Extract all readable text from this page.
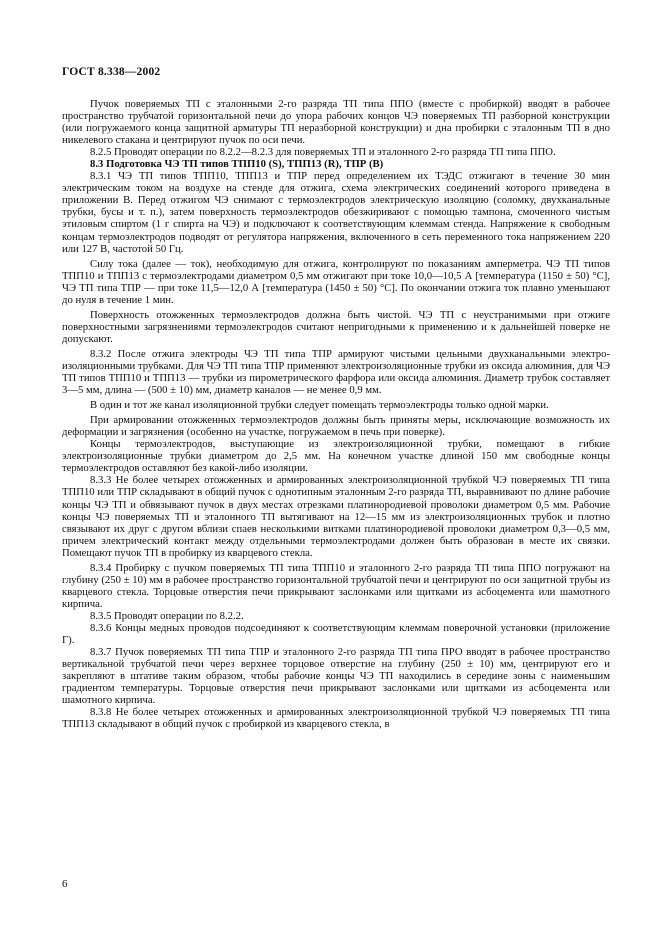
ГОСТ 8.338—2002

Пучок поверяемых ТП с эталонными 2-го разряда ТП типа ППО (вместе с пробиркой) вводят в рабочее пространство трубчатой горизонтальной печи до упора рабочих концов ЧЭ поверяемых ТП разборной конструкции (или погружаемого конца защитной арматуры ТП неразборной конструкции) и дна пробирки с эталонным ТП в дно никелевого стакана и центрируют пучок по оси печи.

8.2.5 Проводят операции по 8.2.2—8.2.3 для поверяемых ТП и эталонного 2-го разряда ТП типа ППО.

8.3 Подготовка ЧЭ ТП типов ТПП10 (S), ТПП13 (R), ТПР (B)

8.3.1 ЧЭ ТП типов ТПП10, ТПП13 и ТПР перед определением их ТЭДС отжигают в течение 30 мин электрическим током на воздухе на стенде для отжига, схема электрических соединений которого приведена в приложении В. Перед отжигом ЧЭ снимают с термоэлектродов электрическую изоляцию (соломку, двухканальные трубки, бусы и т. п.), затем поверхность термоэлектродов обезжиривают с помощью тампона, смоченного чистым этиловым спиртом (1 г спирта на ЧЭ) и подключают к соответствующим клеммам стенда. Напряжение к свободным концам термоэлектродов подводят от регулятора напряжения, включенного в сеть переменного тока напряжением 220 или 127 В, частотой 50 Гц.

Силу тока (далее — ток), необходимую для отжига, контролируют по показаниям амперметра. ЧЭ ТП типов ТПП10 и ТПП13 с термоэлектродами диаметром 0,5 мм отжигают при токе 10,0—10,5 А [температура (1150 ± 50) °С], ЧЭ ТП типа ТПР — при токе 11,5—12,0 А [температура (1450 ± 50) °С]. По окончании отжига ток плавно уменьшают до нуля в течение 1 мин.

Поверхность отожженных термоэлектродов должна быть чистой. ЧЭ ТП с неустранимыми при отжиге поверхностными загрязнениями термоэлектродов считают непригодными к применению и к дальнейшей поверке не допускают.

8.3.2 После отжига электроды ЧЭ ТП типа ТПР армируют чистыми цельными двухканальными электроизоляционными трубками. Для ЧЭ ТП типа ТПР применяют электроизоляционные трубки из оксида алюминия, для ЧЭ ТП типов ТПП10 и ТПП13 — трубки из пирометрического фарфора или оксида алюминия. Диаметр трубок составляет 3—5 мм, длина — (500 ± 10) мм, диаметр каналов — не менее 0,9 мм.

В один и тот же канал изоляционной трубки следует помещать термоэлектроды только одной марки.

При армировании отожженных термоэлектродов должны быть приняты меры, исключающие возможность их деформации и загрязнения (особенно на участке, погружаемом в печь при поверке).

Концы термоэлектродов, выступающие из электроизоляционной трубки, помещают в гибкие электроизоляционные трубки диаметром до 2,5 мм. На конечном участке длиной 150 мм свободные концы термоэлектродов оставляют без какой-либо изоляции.

8.3.3 Не более четырех отожженных и армированных электроизоляционной трубкой ЧЭ поверяемых ТП типа ТПП10 или ТПР складывают в общий пучок с однотипным эталонным 2-го разряда ТП, выравнивают по длине рабочие концы ЧЭ ТП и обвязывают пучок в двух местах отрезками платинородиевой проволоки диаметром 0,5 мм. Рабочие концы ЧЭ поверяемых ТП и эталонного ТП вытягивают на 12—15 мм из электроизоляционных трубок и плотно связывают их друг с другом вблизи спаев несколькими витками платинородиевой проволоки диаметром 0,3—0,5 мм, причем электрический контакт между отдельными термоэлектродами должен быть образован в месте их связки. Помещают пучок ТП в пробирку из кварцевого стекла.

8.3.4 Пробирку с пучком поверяемых ТП типа ТПП10 и эталонного 2-го разряда ТП типа ППО погружают на глубину (250 ± 10) мм в рабочее пространство горизонтальной трубчатой печи и центрируют по оси защитной трубы из кварцевого стекла. Торцовые отверстия печи прикрывают заслонками или щитками из асбоцемента или шамотного кирпича.

8.3.5 Проводят операции по 8.2.2.

8.3.6 Концы медных проводов подсоединяют к соответствующим клеммам поверочной установки (приложение Г).

8.3.7 Пучок поверяемых ТП типа ТПР и эталонного 2-го разряда ТП типа ПРО вводят в рабочее пространство вертикальной трубчатой печи через верхнее торцовое отверстие на глубину (250 ± 10) мм, центрируют его и закрепляют в штативе таким образом, чтобы рабочие концы ЧЭ ТП находились в середине зоны с наименьшим градиентом температуры. Торцовые отверстия печи прикрывают заслонками или щитками из асбоцемента или шамотного кирпича.

8.3.8 Не более четырех отожженных и армированных электроизоляционной трубкой ЧЭ поверяемых ТП типа ТПП13 складывают в общий пучок с пробиркой из кварцевого стекла, в

6
